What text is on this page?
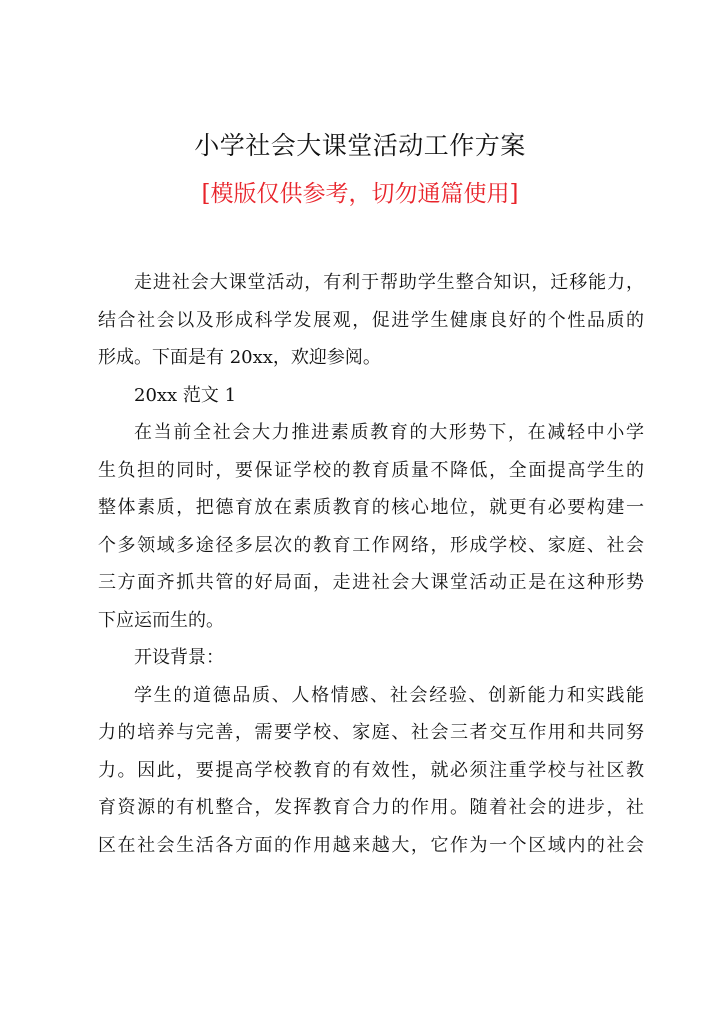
小学社会大课堂活动工作方案
[模版仅供参考，切勿通篇使用]
走进社会大课堂活动，有利于帮助学生整合知识，迁移能力，
结合社会以及形成科学发展观，促进学生健康良好的个性品质的
形成。下面是有 20xx，欢迎参阅。
20xx 范文 1
在当前全社会大力推进素质教育的大形势下，在减轻中小学
生负担的同时，要保证学校的教育质量不降低，全面提高学生的
整体素质，把德育放在素质教育的核心地位，就更有必要构建一
个多领域多途径多层次的教育工作网络，形成学校、家庭、社会
三方面齐抓共管的好局面，走进社会大课堂活动正是在这种形势
下应运而生的。
开设背景：
学生的道德品质、人格情感、社会经验、创新能力和实践能
力的培养与完善，需要学校、家庭、社会三者交互作用和共同努
力。因此，要提高学校教育的有效性，就必须注重学校与社区教
育资源的有机整合，发挥教育合力的作用。随着社会的进步，社
区在社会生活各方面的作用越来越大，它作为一个区域内的社会
